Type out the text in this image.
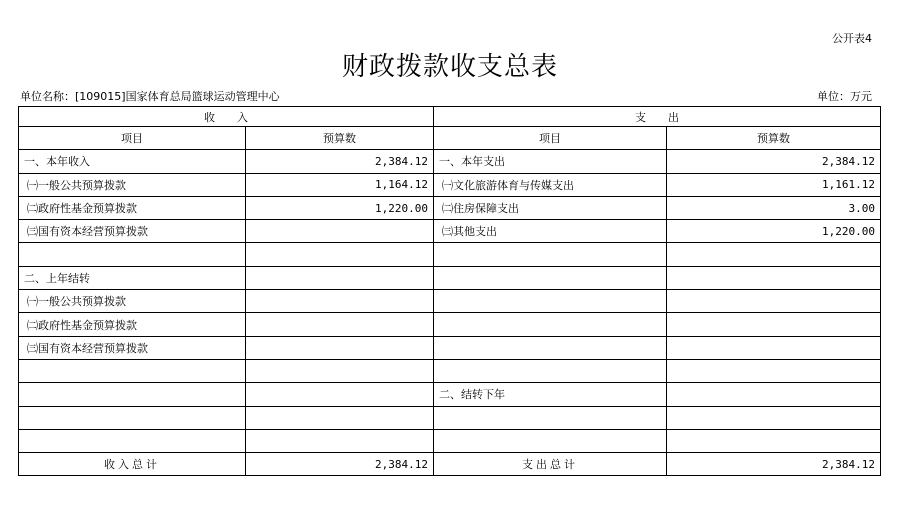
公开表4
财政拨款收支总表
单位名称：[109015]国家体育总局篮球运动管理中心	单位：万元
收　　入		支　　出	
项目	预算数	项目	预算数
一、本年收入	2,384.12	一、本年支出	2,384.12
㈠一般公共预算拨款	1,164.12	㈠文化旅游体育与传媒支出	1,161.12
㈡政府性基金预算拨款	1,220.00	㈡住房保障支出	3.00
㈢国有资本经营预算拨款		㈢其他支出	1,220.00

二、上年结转			
㈠一般公共预算拨款			
㈡政府性基金预算拨款			
㈢国有资本经营预算拨款			

		二、结转下年	

收入总计	2,384.12	支出总计	2,384.12
